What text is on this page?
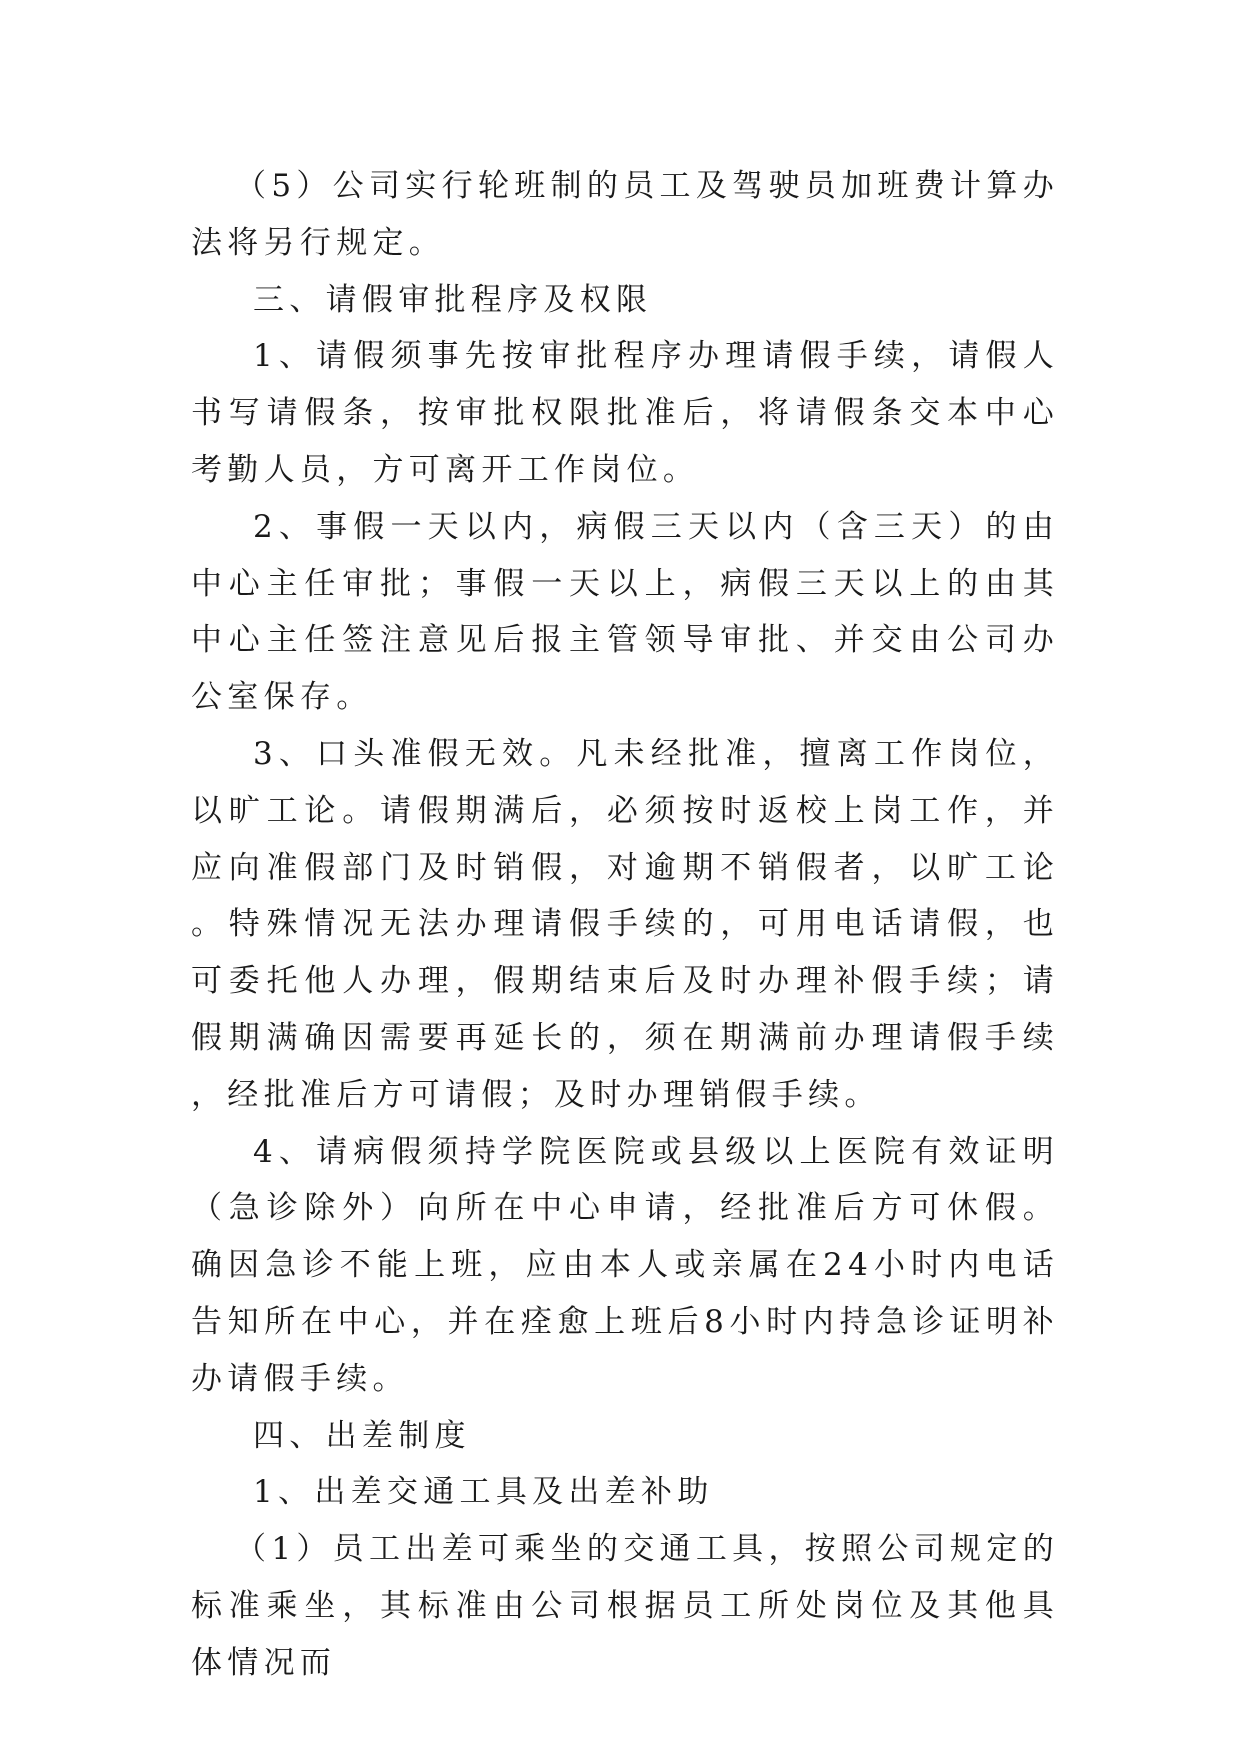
（5）公司实行轮班制的员工及驾驶员加班费计算办法将另行规定。

三、请假审批程序及权限

1、请假须事先按审批程序办理请假手续，请假人书写请假条，按审批权限批准后，将请假条交本中心考勤人员，方可离开工作岗位。

2、事假一天以内，病假三天以内（含三天）的由中心主任审批；事假一天以上，病假三天以上的由其中心主任签注意见后报主管领导审批、并交由公司办公室保存。

3、口头准假无效。凡未经批准，擅离工作岗位，以旷工论。请假期满后，必须按时返校上岗工作，并应向准假部门及时销假，对逾期不销假者，以旷工论。特殊情况无法办理请假手续的，可用电话请假，也可委托他人办理，假期结束后及时办理补假手续；请假期满确因需要再延长的，须在期满前办理请假手续，经批准后方可请假；及时办理销假手续。

4、请病假须持学院医院或县级以上医院有效证明（急诊除外）向所在中心申请，经批准后方可休假。确因急诊不能上班，应由本人或亲属在24小时内电话告知所在中心，并在痊愈上班后8小时内持急诊证明补办请假手续。

四、出差制度

1、出差交通工具及出差补助

（1）员工出差可乘坐的交通工具，按照公司规定的标准乘坐，其标准由公司根据员工所处岗位及其他具体情况而
